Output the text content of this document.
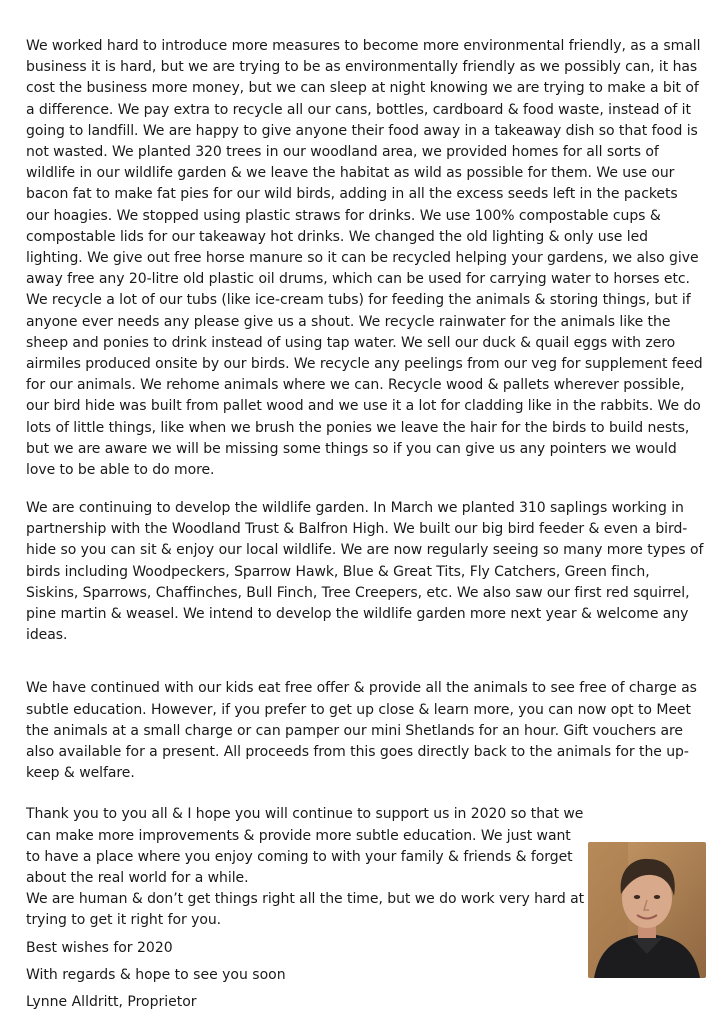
We worked hard to introduce more measures to become more environmental friendly, as a small business it is hard, but we are trying to be as environmentally friendly as we possibly can, it has cost the business more money, but we can sleep at night knowing we are trying to make a bit of a difference. We pay extra to recycle all our cans, bottles, cardboard & food waste, instead of it going to landfill. We are happy to give anyone their food away in a takeaway dish so that food is not wasted. We planted 320 trees in our woodland area, we provided homes for all sorts of wildlife in our wildlife garden & we leave the habitat as wild as possible for them. We use our bacon fat to make fat pies for our wild birds, adding in all the excess seeds left in the packets our hoagies. We stopped using plastic straws for drinks. We use 100% compostable cups & compostable lids for our takeaway hot drinks. We changed the old lighting & only use led lighting. We give out free horse manure so it can be recycled helping your gardens, we also give away free any 20-litre old plastic oil drums, which can be used for carrying water to horses etc. We recycle a lot of our tubs (like ice-cream tubs) for feeding the animals & storing things, but if anyone ever needs any please give us a shout. We recycle rainwater for the animals like the sheep and ponies to drink instead of using tap water. We sell our duck & quail eggs with zero airmiles produced onsite by our birds. We recycle any peelings from our veg for supplement feed for our animals. We rehome animals where we can. Recycle wood & pallets wherever possible, our bird hide was built from pallet wood and we use it a lot for cladding like in the rabbits. We do lots of little things, like when we brush the ponies we leave the hair for the birds to build nests, but we are aware we will be missing some things so if you can give us any pointers we would love to be able to do more.

We are continuing to develop the wildlife garden. In March we planted 310 saplings working in partnership with the Woodland Trust & Balfron High. We built our big bird feeder & even a bird-hide so you can sit & enjoy our local wildlife. We are now regularly seeing so many more types of birds including Woodpeckers, Sparrow Hawk, Blue & Great Tits, Fly Catchers, Green finch, Siskins, Sparrows, Chaffinches, Bull Finch, Tree Creepers, etc. We also saw our first red squirrel, pine martin & weasel. We intend to develop the wildlife garden more next year & welcome any ideas.

We have continued with our kids eat free offer & provide all the animals to see free of charge as subtle education. However, if you prefer to get up close & learn more, you can now opt to Meet the animals at a small charge or can pamper our mini Shetlands for an hour. Gift vouchers are also available for a present. All proceeds from this goes directly back to the animals for the up-keep & welfare.

Thank you to you all & I hope you will continue to support us in 2020 so that we can make more improvements & provide more subtle education. We just want to have a place where you enjoy coming to with your family & friends & forget about the real world for a while.

We are human & don’t get things right all the time, but we do work very hard at
trying to get it right for you.

Best wishes for 2020

With regards & hope to see you soon

Lynne Alldritt, Proprietor
